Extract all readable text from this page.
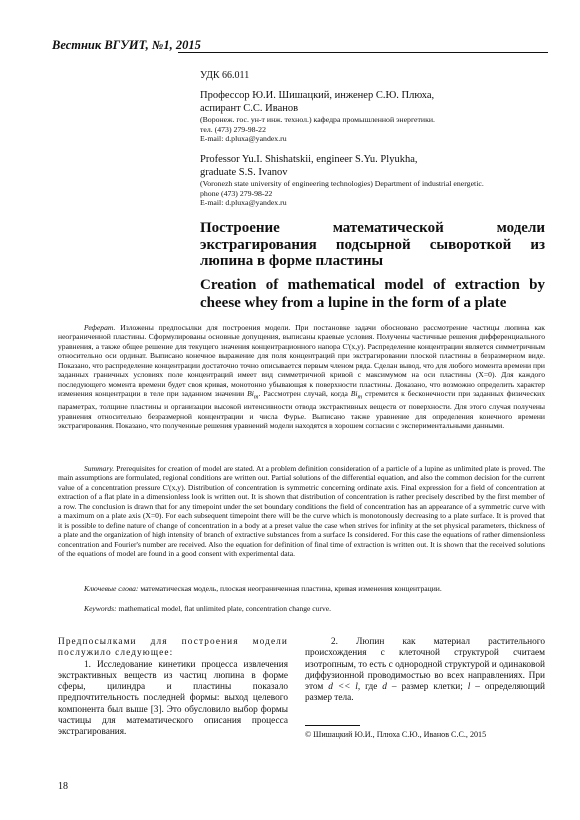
Вестник ВГУИТ, №1, 2015
УДК 66.011
Профессор Ю.И. Шишацкий, инженер С.Ю. Плюха,
аспирант С.С. Иванов
(Воронеж. гос. ун-т инж. технол.) кафедра промышленной энергетики.
тел. (473) 279-98-22
E-mail: d.pluxa@yandex.ru
Professor Yu.I. Shishatskii, engineer S.Yu. Plyukha,
graduate S.S. Ivanov
(Voronezh state university of engineering technologies) Department of industrial energetic.
phone (473) 279-98-22
E-mail: d.pluxa@yandex.ru
Построение математической модели экстрагирования подсырной сывороткой из люпина в форме пластины
Creation of mathematical model of extraction by cheese whey from a lupine in the form of a plate
Реферат. Изложены предпосылки для построения модели. При постановке задачи обосновано рассмотрение частицы люпина как неограниченной пластины. Сформулированы основные допущения, выписаны краевые условия. Получены частичные решения дифференциального уравнения, а также общее решение для текущего значения концентрационного напора C'(x,y). Распределение концентрации является симметричным относительно оси ординат. Выписано конечное выражение для поля концентраций при экстрагировании плоской пластины в безразмерном виде. Показано, что распределение концентрации достаточно точно описывается первым членом ряда. Сделан вывод, что для любого момента времени при заданных граничных условиях поле концентраций имеет вид симметричной кривой с максимумом на оси пластины (X=0). Для каждого последующего момента времени будет своя кривая, монотонно убывающая к поверхности пластины. Доказано, что возможно определить характер изменения концентрации в теле при заданном значении $Bi_m$. Рассмотрен случай, когда $Bi_m$ стремится к бесконечности при заданных физических параметрах, толщине пластины и организации высокой интенсивности отвода экстрактивных веществ от поверхности. Для этого случая получены уравнения относительно безразмерной концентрации и числа Фурье. Выписано также уравнение для определения конечного времени экстрагирования. Показано, что полученные решения уравнений модели находятся в хорошем согласии с экспериментальными данными.
Summary. Prerequisites for creation of model are stated. At a problem definition consideration of a particle of a lupine as unlimited plate is proved. The main assumptions are formulated, regional conditions are written out. Partial solutions of the differential equation, and also the common decision for the current value of a concentration pressure C'(x,y). Distribution of concentration is symmetric concerning ordinate axis. Final expression for a field of concentration at extraction of a flat plate in a dimensionless look is written out. It is shown that distribution of concentration is rather precisely described by the first member of a row. The conclusion is drawn that for any timepoint under the set boundary conditions the field of concentration has an appearance of a symmetric curve with a maximum on a plate axis (X=0). For each subsequent timepoint there will be the curve which is monotonously decreasing to a plate surface. It is proved that it is possible to define nature of change of concentration in a body at a preset value the case when strives for infinity at the set physical parameters, thickness of a plate and the organization of high intensity of branch of extractive substances from a surface Is considered. For this case the equations of rather dimensionless concentration and Fourier's number are received. Also the equation for definition of final time of extraction is written out. It is shown that the received solutions of the equations of model are found in a good consent with experimental data.
Ключевые слова: математическая модель, плоская неограниченная пластина, кривая изменения концентрации.
Keywords: mathematical model, flat unlimited plate, concentration change curve.
Предпосылками для построения модели послужило следующее:
1. Исследование кинетики процесса извлечения экстрактивных веществ из частиц люпина в форме сферы, цилиндра и пластины показало предпочтительность последней формы: выход целевого компонента был выше [3]. Это обусловило выбор формы частицы для математического описания процесса экстрагирования.
2. Люпин как материал растительного происхождения с клеточной структурой считаем изотропным, то есть с однородной структурой и одинаковой диффузионной проводимостью во всех направлениях. При этом d << l, где d – размер клетки; l – определяющий размер тела.
© Шишацкий Ю.И., Плюха С.Ю., Иванов С.С., 2015
18
